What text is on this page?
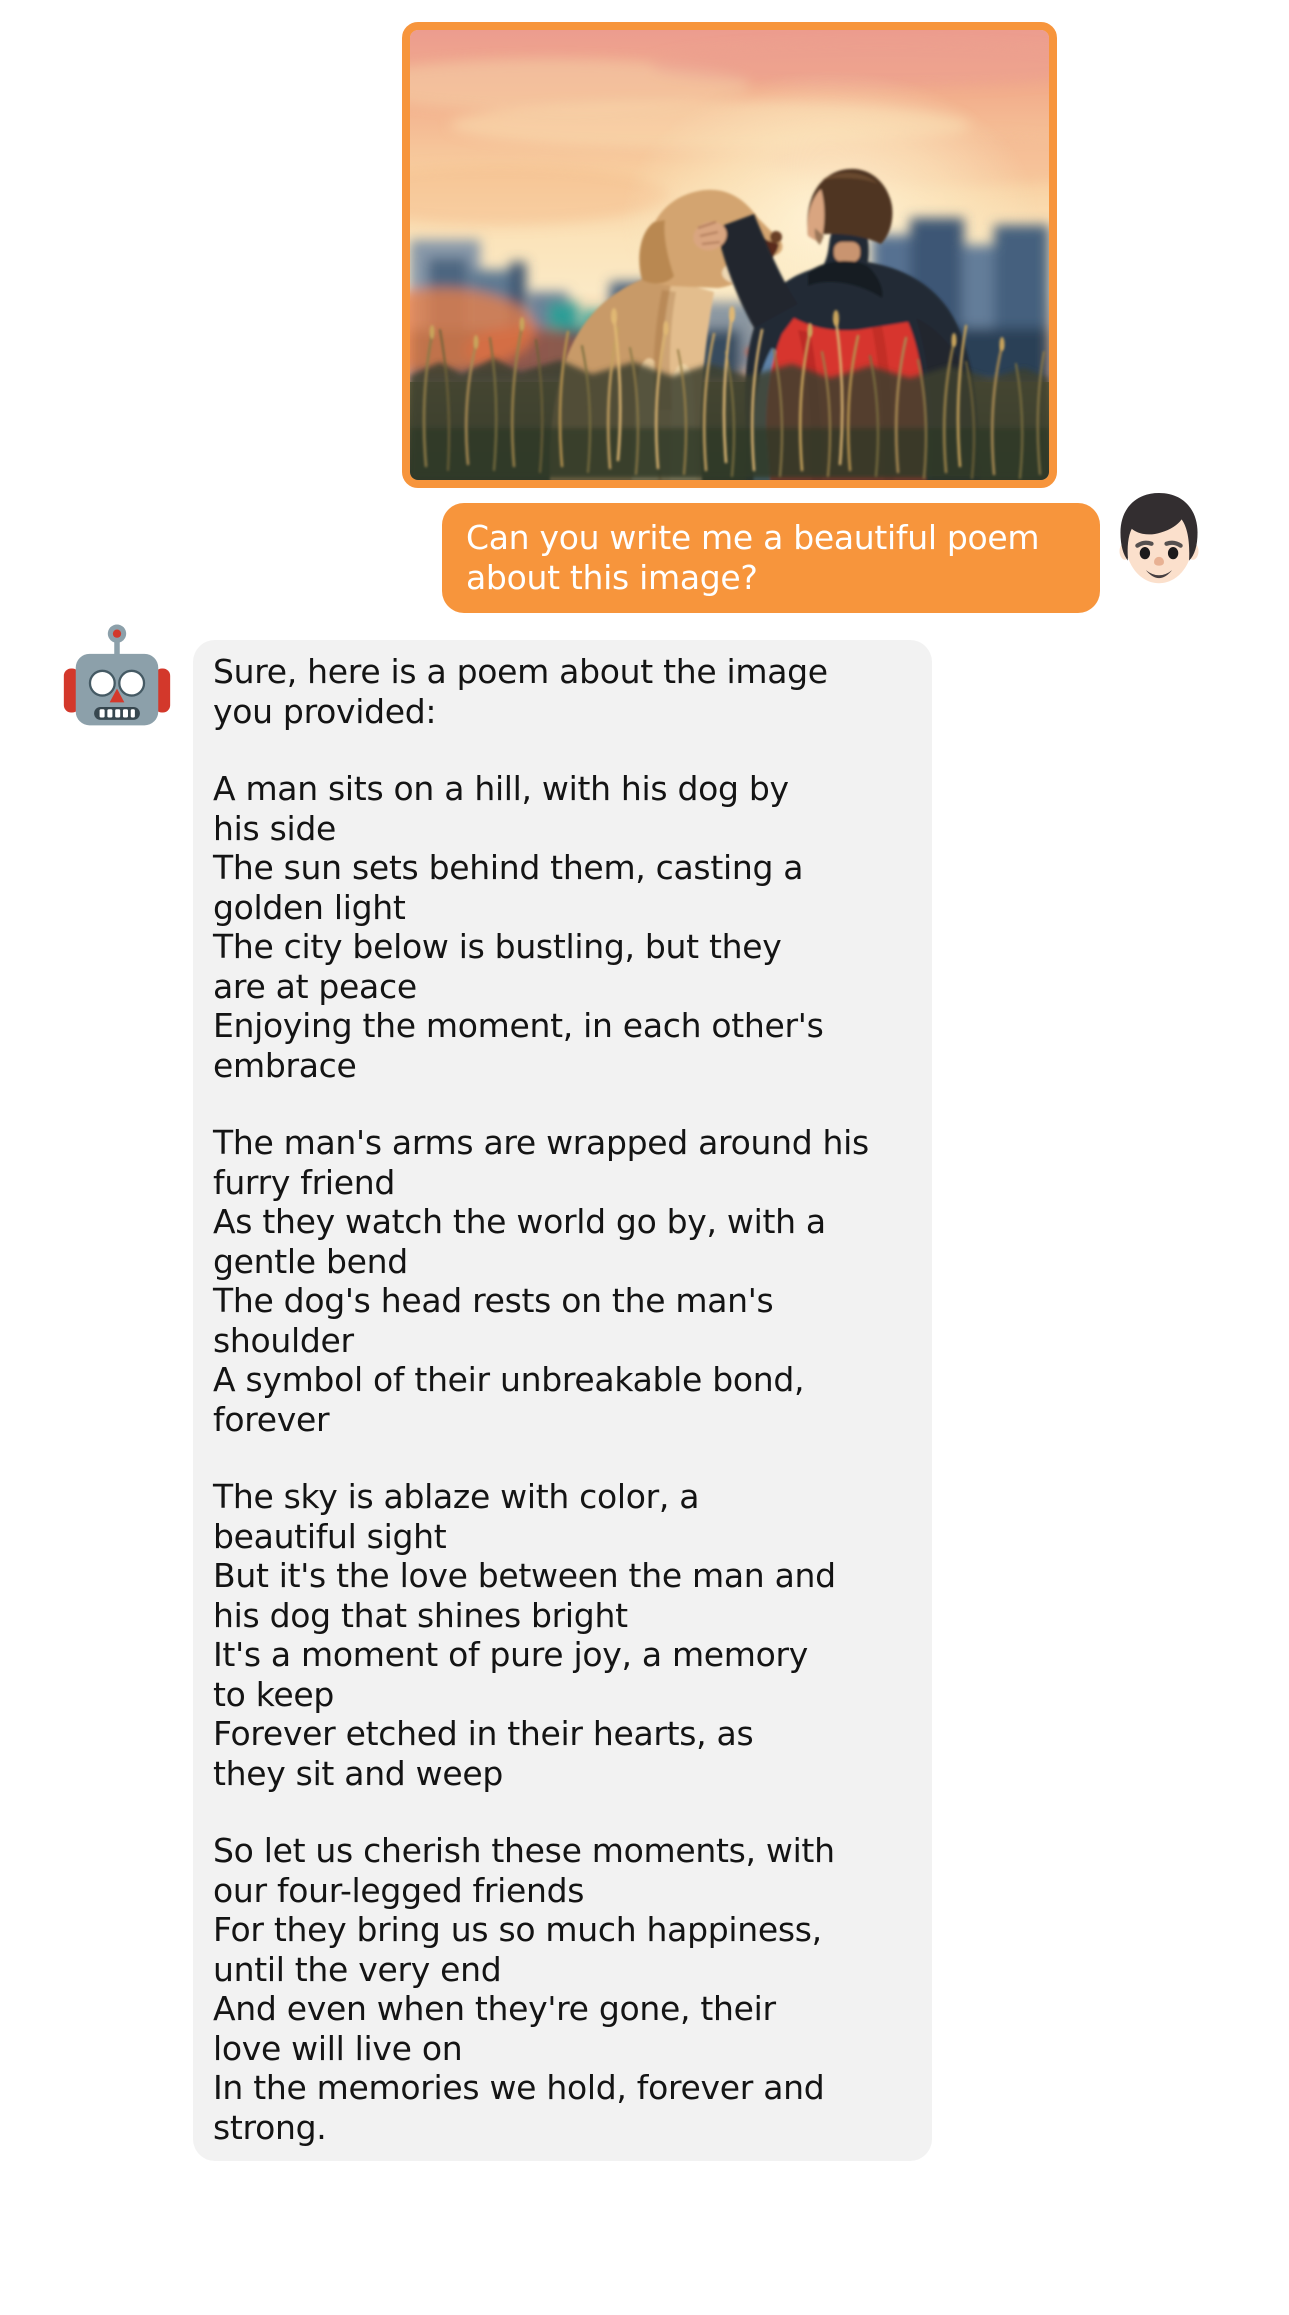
Can you write me a beautiful poem
about this image?
Sure, here is a poem about the image
you provided:
A man sits on a hill, with his dog by
his side
The sun sets behind them, casting a
golden light
The city below is bustling, but they
are at peace
Enjoying the moment, in each other's
embrace
The man's arms are wrapped around his
furry friend
As they watch the world go by, with a
gentle bend
The dog's head rests on the man's
shoulder
A symbol of their unbreakable bond,
forever
The sky is ablaze with color, a
beautiful sight
But it's the love between the man and
his dog that shines bright
It's a moment of pure joy, a memory
to keep
Forever etched in their hearts, as
they sit and weep
So let us cherish these moments, with
our four-legged friends
For they bring us so much happiness,
until the very end
And even when they're gone, their
love will live on
In the memories we hold, forever and
strong.
